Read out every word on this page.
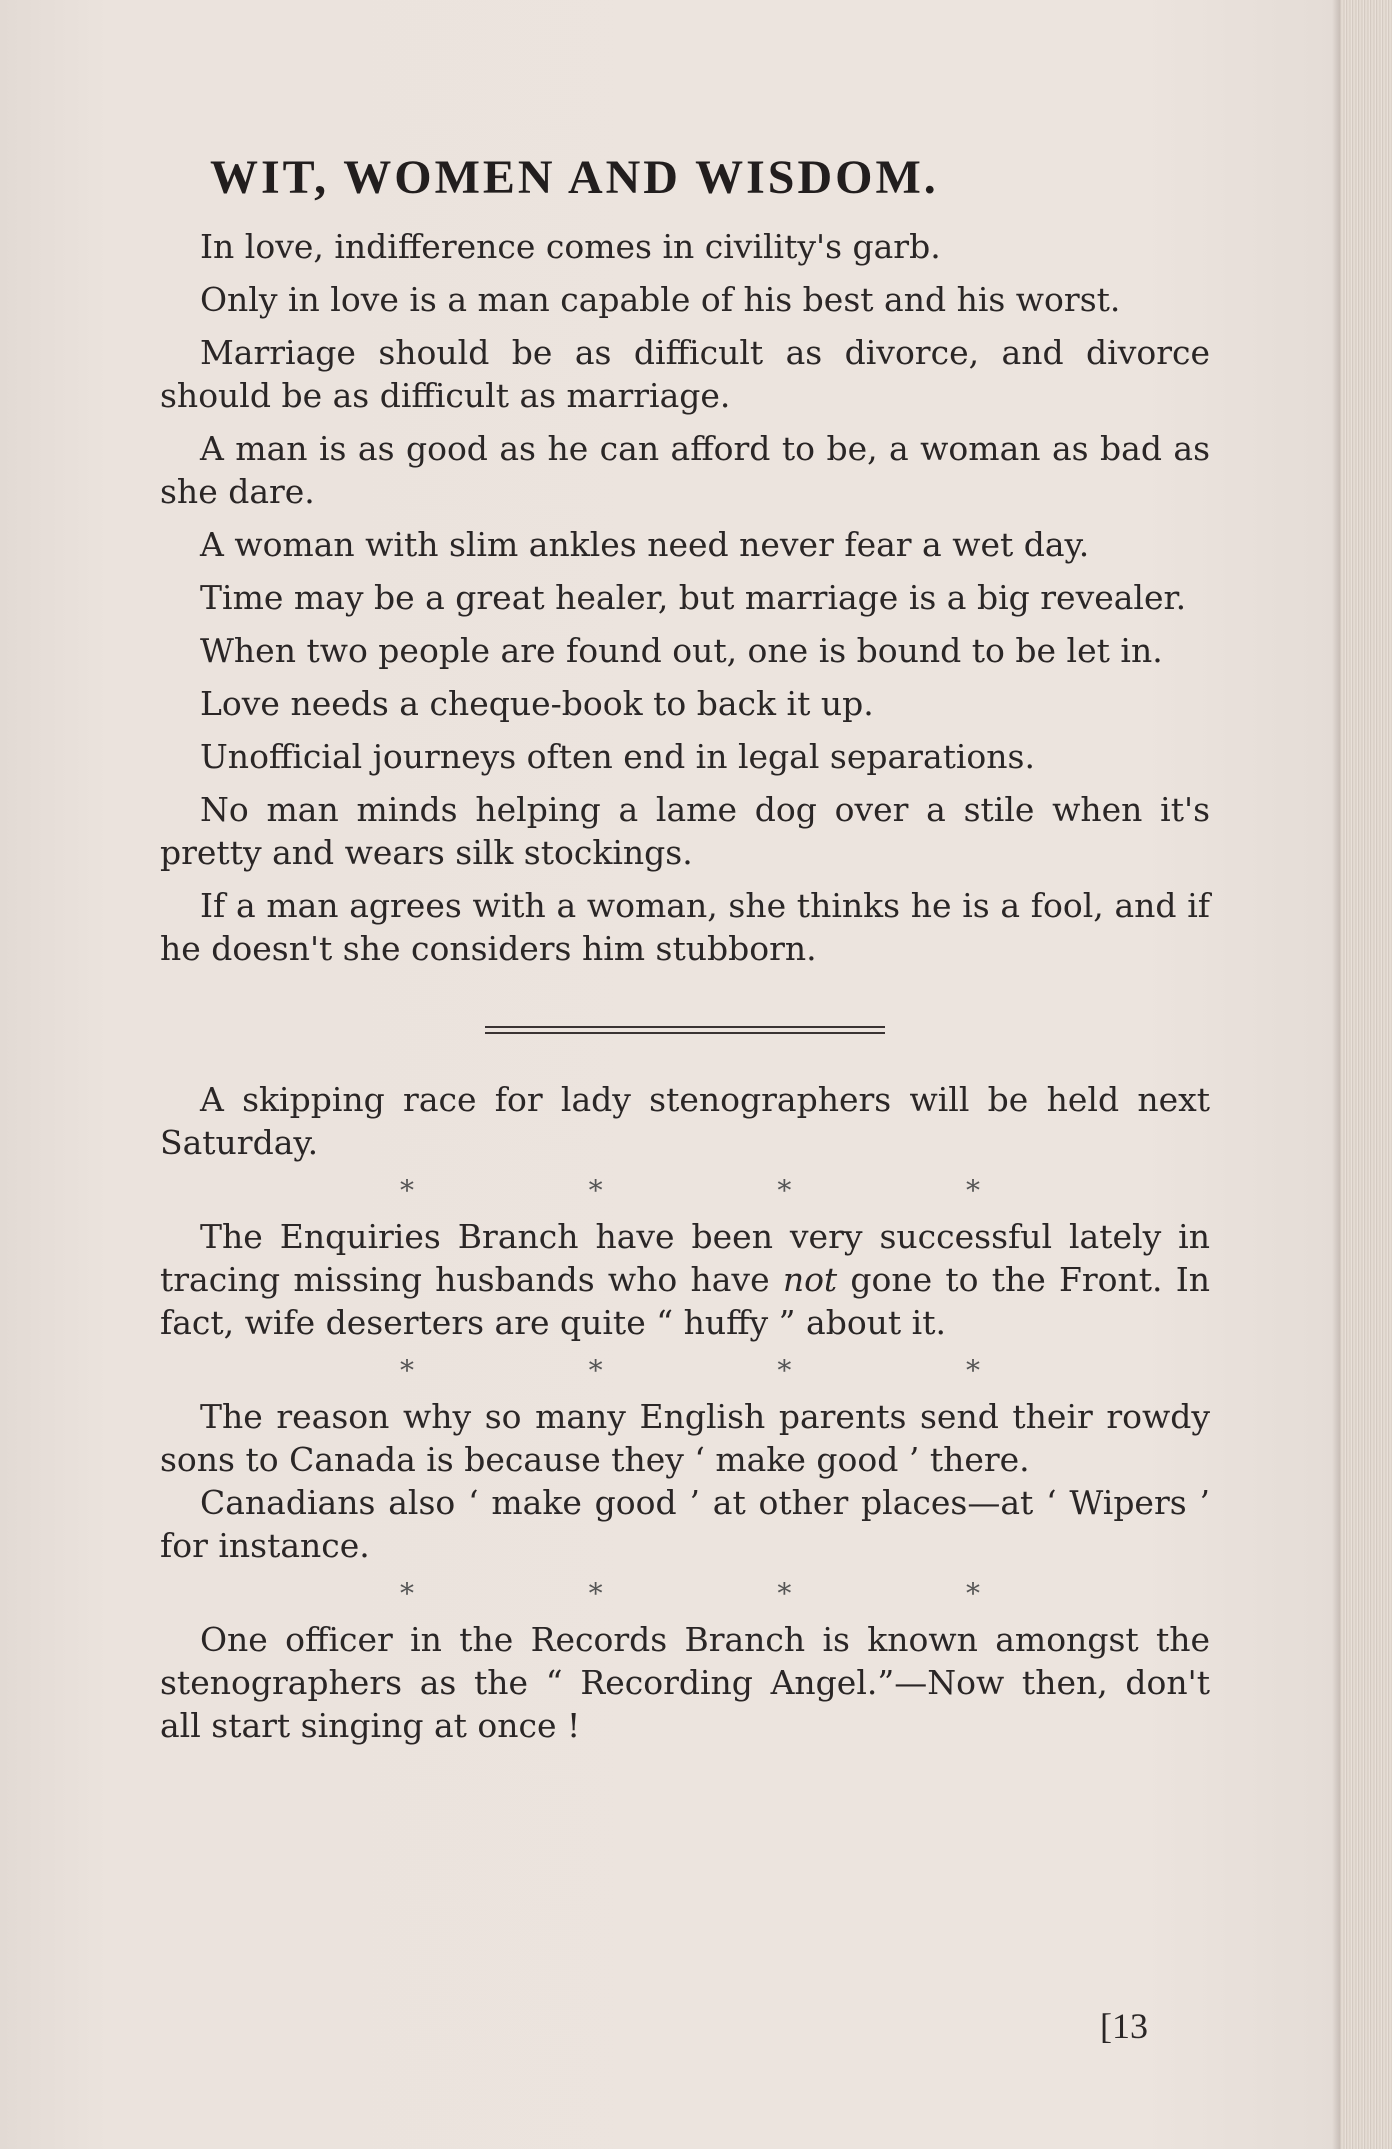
WIT, WOMEN AND WISDOM.

In love, indifference comes in civility's garb.

Only in love is a man capable of his best and his worst.

Marriage should be as difficult as divorce, and divorce should be as difficult as marriage.

A man is as good as he can afford to be, a woman as bad as she dare.

A woman with slim ankles need never fear a wet day.

Time may be a great healer, but marriage is a big revealer.

When two people are found out, one is bound to be let in.

Love needs a cheque-book to back it up.

Unofficial journeys often end in legal separations.

No man minds helping a lame dog over a stile when it's pretty and wears silk stockings.

If a man agrees with a woman, she thinks he is a fool, and if he doesn't she considers him stubborn.

A skipping race for lady stenographers will be held next Saturday.

*	*	*	*

The Enquiries Branch have been very successful lately in tracing missing husbands who have not gone to the Front. In fact, wife deserters are quite “ huffy ” about it.

*	*	*	*

The reason why so many English parents send their rowdy sons to Canada is because they ‘ make good ’ there.

Canadians also ‘ make good ’ at other places—at ‘ Wipers ’ for instance.

*	*	*	*

One officer in the Records Branch is known amongst the stenographers as the “ Recording Angel.”—Now then, don't all start singing at once !

[13
